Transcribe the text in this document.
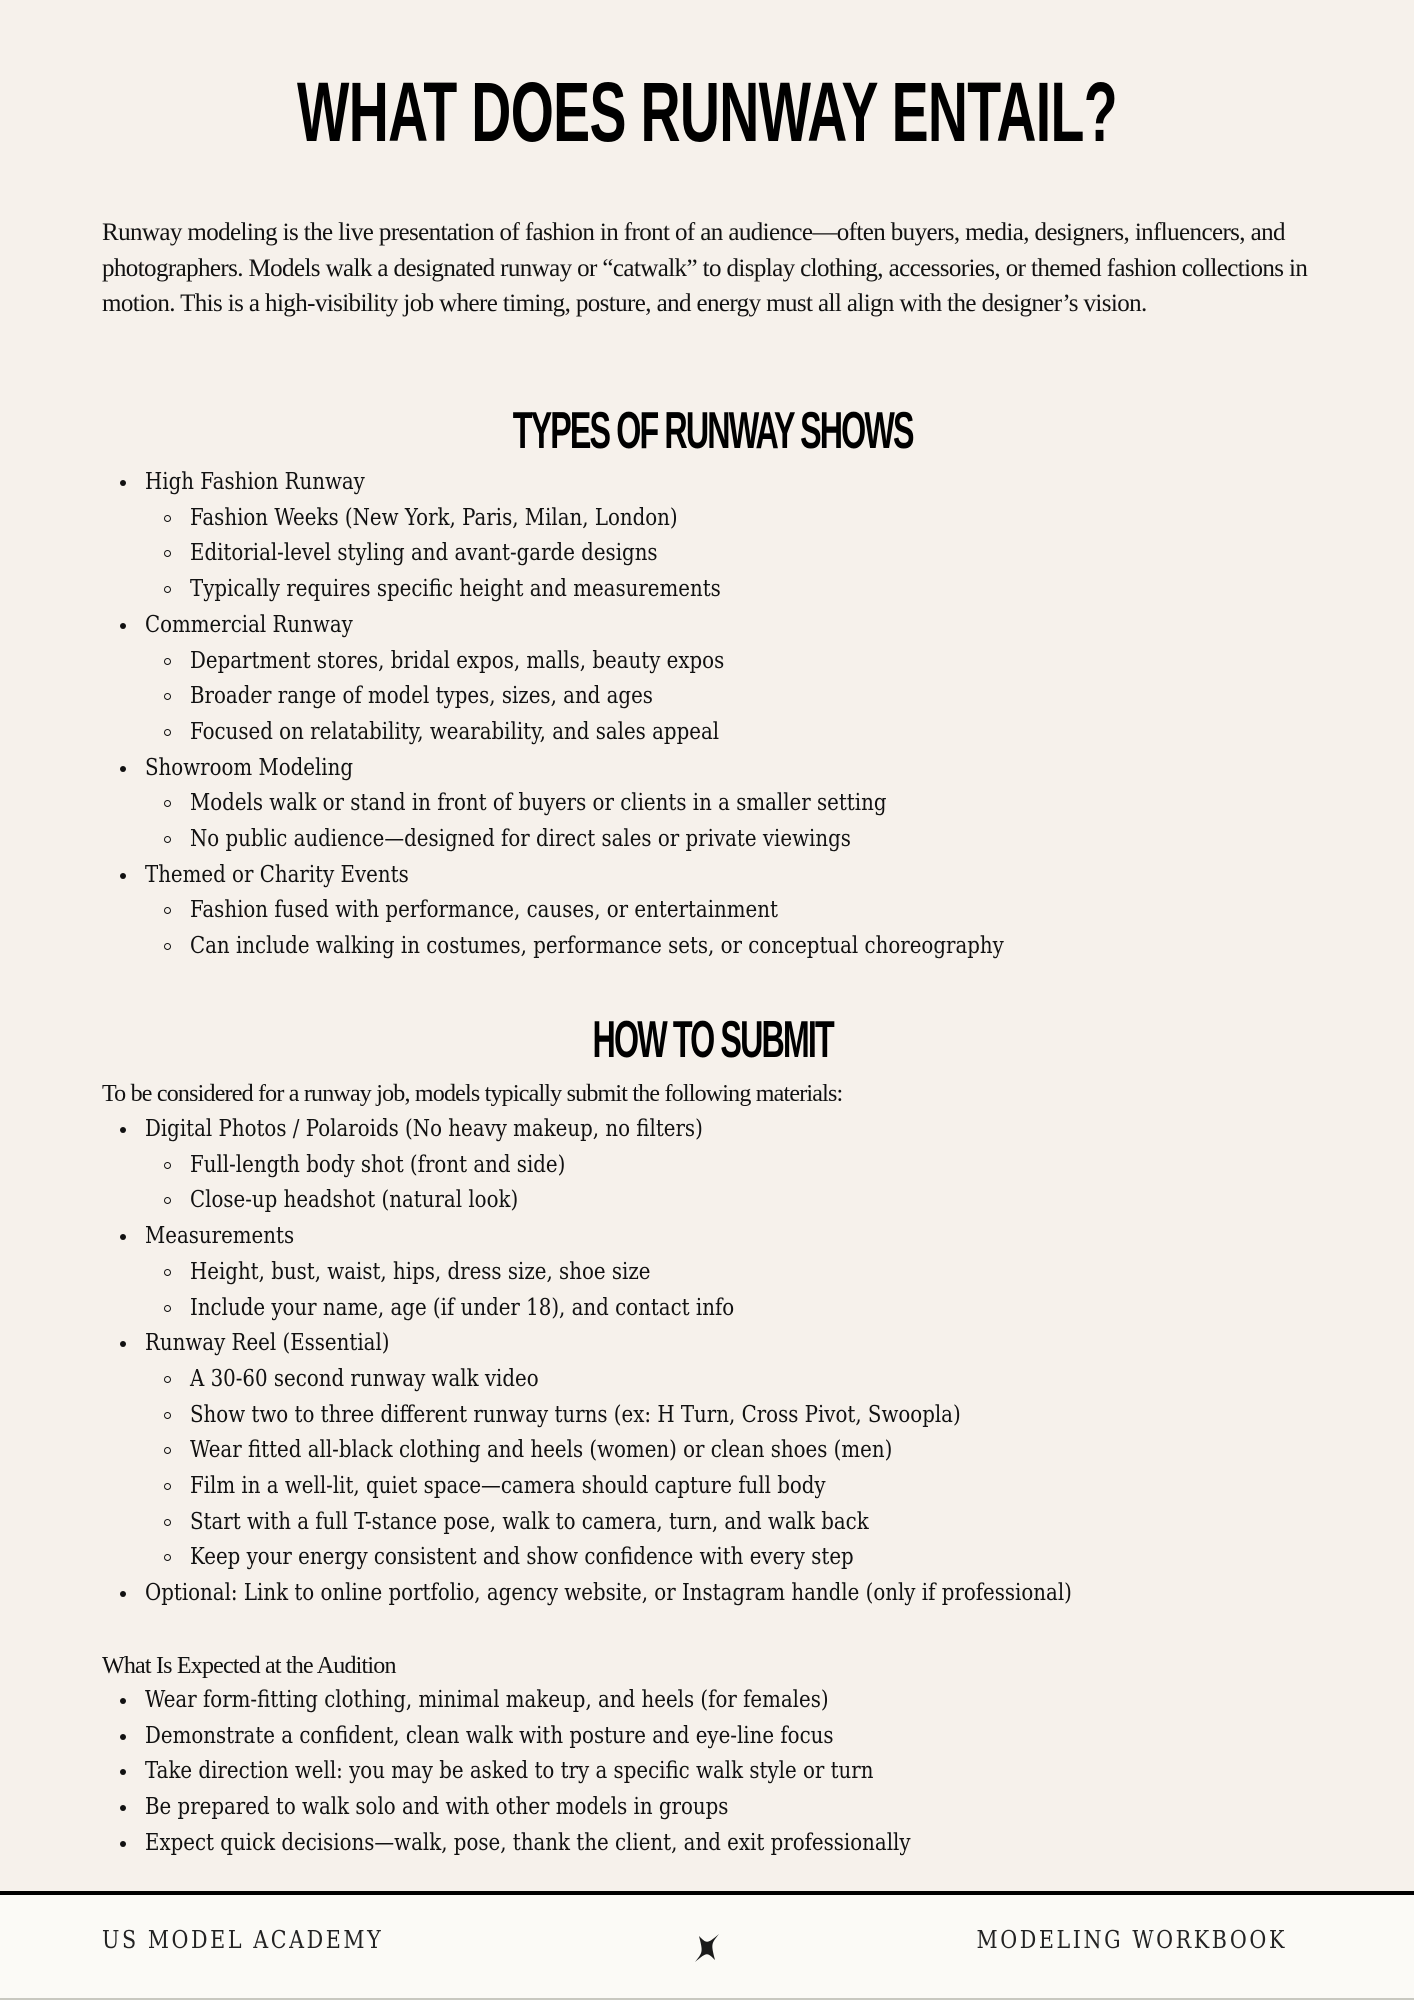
WHAT DOES RUNWAY ENTAIL?

Runway modeling is the live presentation of fashion in front of an audience—often buyers, media, designers, influencers, and photographers. Models walk a designated runway or “catwalk” to display clothing, accessories, or themed fashion collections in motion. This is a high-visibility job where timing, posture, and energy must all align with the designer’s vision.

TYPES OF RUNWAY SHOWS
High Fashion Runway
Fashion Weeks (New York, Paris, Milan, London)
Editorial-level styling and avant-garde designs
Typically requires specific height and measurements
Commercial Runway
Department stores, bridal expos, malls, beauty expos
Broader range of model types, sizes, and ages
Focused on relatability, wearability, and sales appeal
Showroom Modeling
Models walk or stand in front of buyers or clients in a smaller setting
No public audience—designed for direct sales or private viewings
Themed or Charity Events
Fashion fused with performance, causes, or entertainment
Can include walking in costumes, performance sets, or conceptual choreography
HOW TO SUBMIT

To be considered for a runway job, models typically submit the following materials:

Digital Photos / Polaroids (No heavy makeup, no filters)
Full-length body shot (front and side)
Close-up headshot (natural look)
Measurements
Height, bust, waist, hips, dress size, shoe size
Include your name, age (if under 18), and contact info
Runway Reel (Essential)
A 30-60 second runway walk video
Show two to three different runway turns (ex: H Turn, Cross Pivot, Swoopla)
Wear fitted all-black clothing and heels (women) or clean shoes (men)
Film in a well-lit, quiet space—camera should capture full body
Start with a full T-stance pose, walk to camera, turn, and walk back
Keep your energy consistent and show confidence with every step
Optional: Link to online portfolio, agency website, or Instagram handle (only if professional)

What Is Expected at the Audition

Wear form-fitting clothing, minimal makeup, and heels (for females)
Demonstrate a confident, clean walk with posture and eye-line focus
Take direction well: you may be asked to try a specific walk style or turn
Be prepared to walk solo and with other models in groups
Expect quick decisions—walk, pose, thank the client, and exit professionally
US MODEL ACADEMY	MODELING WORKBOOK
